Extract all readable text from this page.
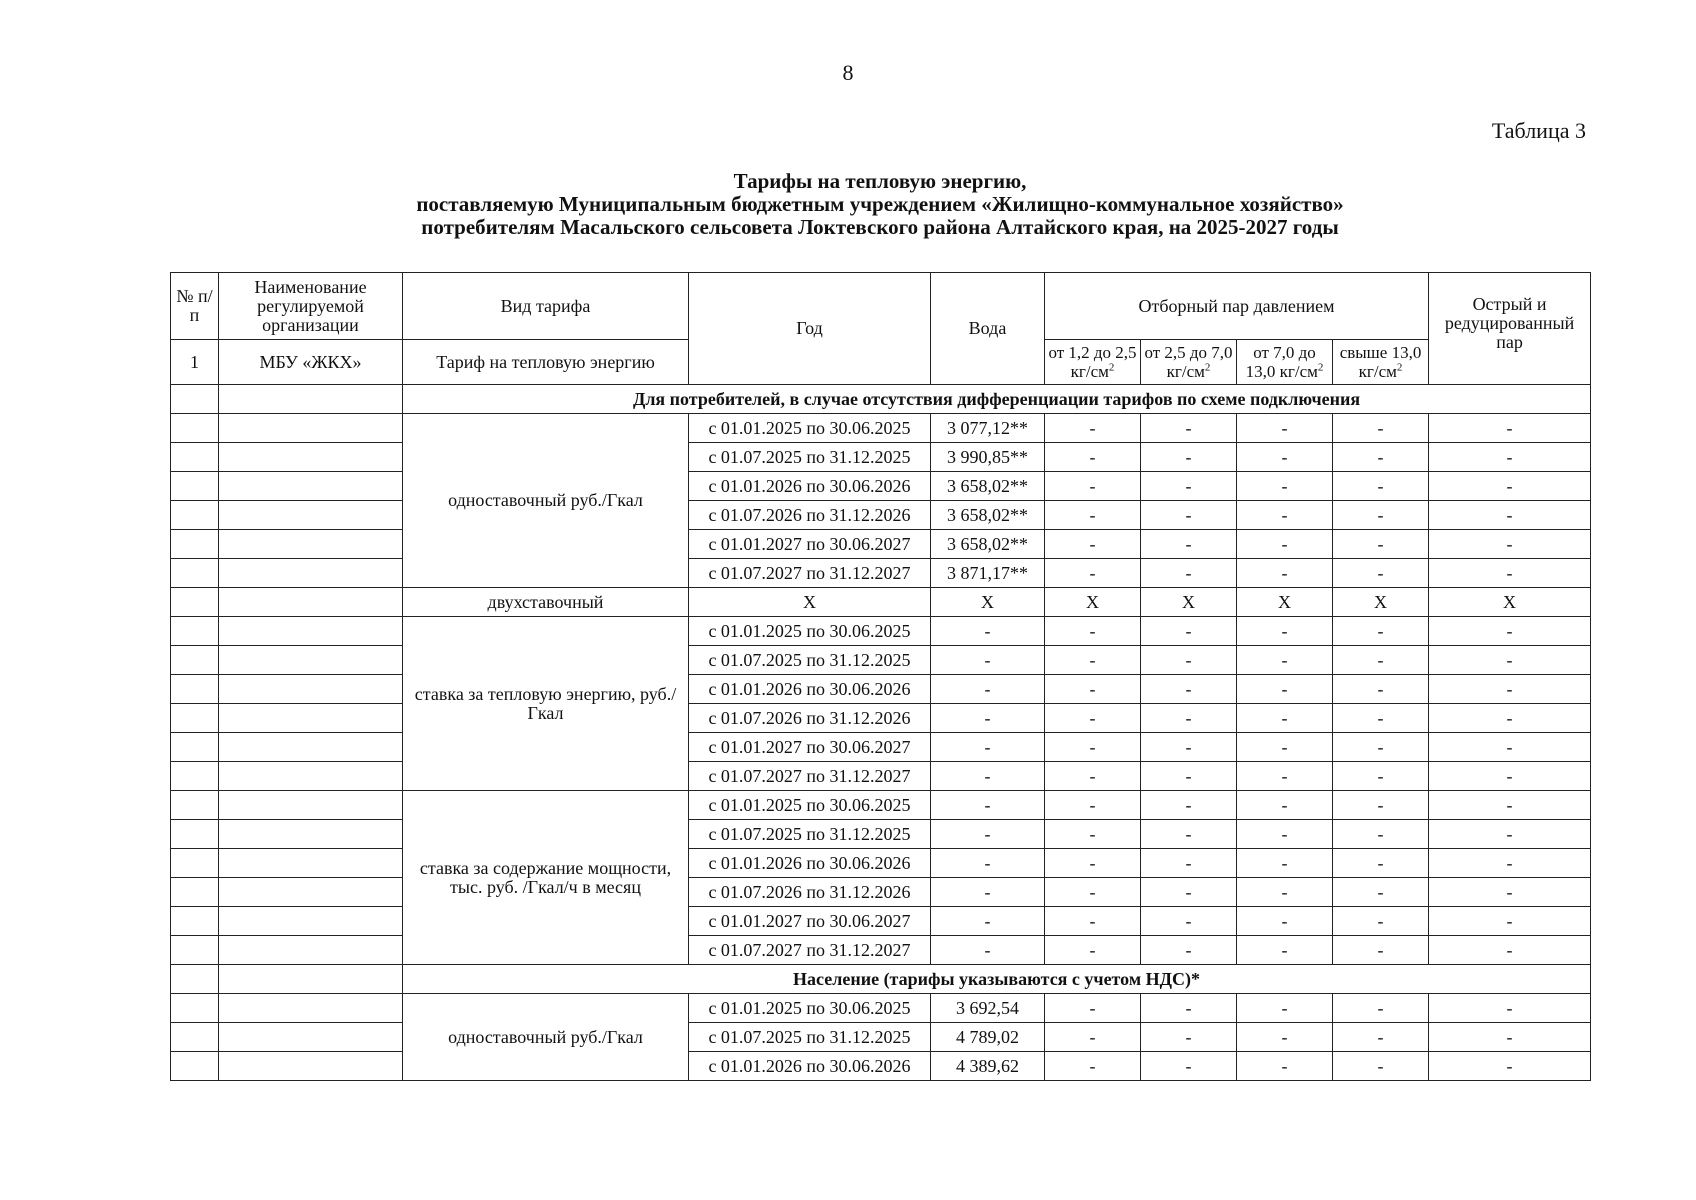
8
Таблица 3
Тарифы на тепловую энергию,
поставляемую Муниципальным бюджетным учреждением «Жилищно-коммунальное хозяйство»
потребителям Масальского сельсовета Локтевского района Алтайского края, на 2025-2027 годы
№ п/п	Наименование регулируемой организации	Вид тарифа	Год	Вода	Отборный пар давлением				Острый и редуцированный пар
1	МБУ «ЖКХ»	Тариф на тепловую энергию			от 1,2 до 2,5 $кг/см^2$	от 2,5 до 7,0 $кг/см^2$	от 7,0 до 13,0 $кг/см^2$	свыше 13,0 $кг/см^2$
		Для потребителей, в случае отсутствия дифференциации тарифов по схеме подключения							
		одноставочный руб./Гкал	с 01.01.2025 по 30.06.2025	3 077,12**	-	-	-	-	-
			с 01.07.2025 по 31.12.2025	3 990,85**	-	-	-	-	-
			с 01.01.2026 по 30.06.2026	3 658,02**	-	-	-	-	-
			с 01.07.2026 по 31.12.2026	3 658,02**	-	-	-	-	-
			с 01.01.2027 по 30.06.2027	3 658,02**	-	-	-	-	-
			с 01.07.2027 по 31.12.2027	3 871,17**	-	-	-	-	-
		двухставочный	X	X	X	X	X	X	X
		ставка за тепловую энергию, руб./Гкал	с 01.01.2025 по 30.06.2025	-	-	-	-	-	-
			с 01.07.2025 по 31.12.2025	-	-	-	-	-	-
			с 01.01.2026 по 30.06.2026	-	-	-	-	-	-
			с 01.07.2026 по 31.12.2026	-	-	-	-	-	-
			с 01.01.2027 по 30.06.2027	-	-	-	-	-	-
			с 01.07.2027 по 31.12.2027	-	-	-	-	-	-
		ставка за содержание мощности, тыс. руб. /Гкал/ч в месяц	с 01.01.2025 по 30.06.2025	-	-	-	-	-	-
			с 01.07.2025 по 31.12.2025	-	-	-	-	-	-
			с 01.01.2026 по 30.06.2026	-	-	-	-	-	-
			с 01.07.2026 по 31.12.2026	-	-	-	-	-	-
			с 01.01.2027 по 30.06.2027	-	-	-	-	-	-
			с 01.07.2027 по 31.12.2027	-	-	-	-	-	-
		Население (тарифы указываются с учетом НДС)*							
		одноставочный руб./Гкал	с 01.01.2025 по 30.06.2025	3 692,54	-	-	-	-	-
			с 01.07.2025 по 31.12.2025	4 789,02	-	-	-	-	-
			с 01.01.2026 по 30.06.2026	4 389,62	-	-	-	-	-
